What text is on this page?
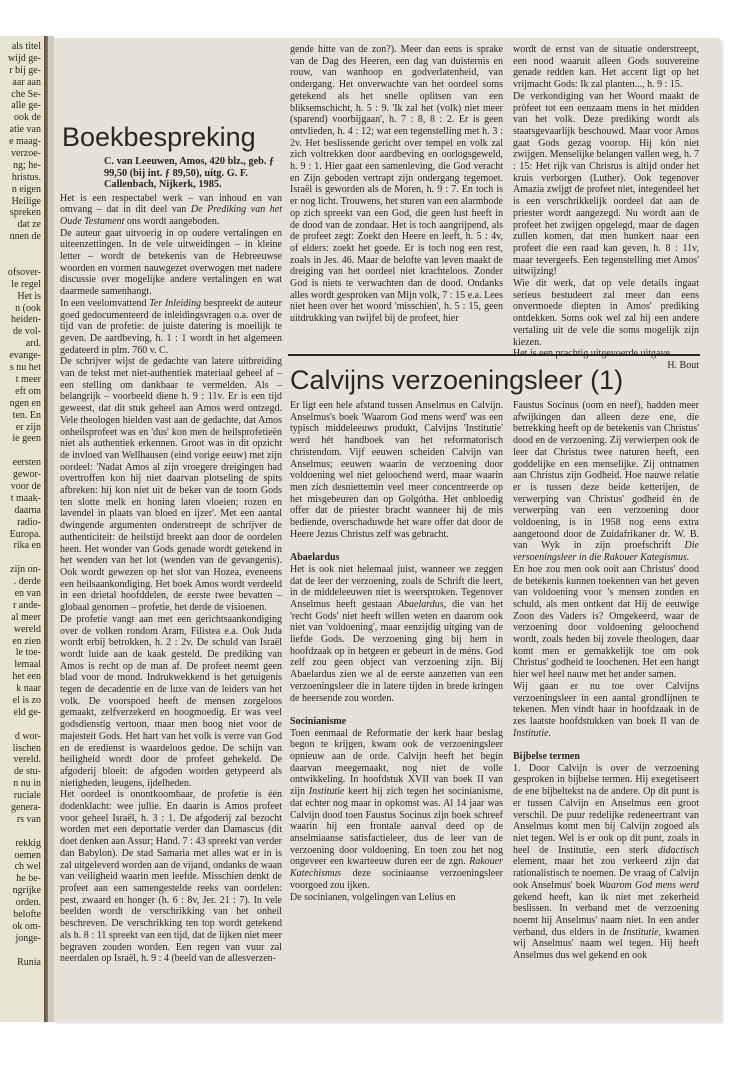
als titel
wijd ge-
r bij ge-
aar aan
che Se-
alle ge-
ook de
atie van
e maag-
verzoe-
ng; he-
hristus.
n eigen
Heilige
spreken
dat ze
nnen de
ofsover-
le regel
Het is
n (ook
heiden-
de vol-
ard.
evange-
s nu het
t meer
eft om
ngen en
ten. En
er zijn
ie geen
eersten
gewor-
voor de
t maak-
daarna
radio-
Europa.
rika en
zijn on-
. derde
en van
r ande-
al meer
wereld
en zien
le toe-
lemaal
het een
k naar
el is zo
eld ge-
d wor-
lischen
vereld.
de stu-
n nu in
ruciale
genera-
rs van
rekkig
oemen
ch wel
he be-
ngrijke
orden.
belofte
ok om-
jonge-
Runia
Boekbespreking
C. van Leeuwen, Amos, 420 blz., geb. ƒ 99,50 (bij int. ƒ 89,50), uitg. G. F. Callenbach, Nijkerk, 1985.

Het is een respectabel werk – van inhoud en van omvang – dat in dit deel van De Prediking van het Oude Testament ons wordt aangeboden.

De auteur gaat uitvoerig in op oudere vertalingen en uiteenzettingen. In de vele uitweidingen – in kleine letter – wordt de betekenis van de Hebreeuwse woorden en vormen nauwgezet overwogen met nadere discussie over mogelijke andere vertalingen en wat daarmede samenhangt.

In een veelomvattend Ter Inleiding bespreekt de auteur goed gedocumenteerd de inleidingsvragen o.a. over de tijd van de profetie: de juiste datering is moeilijk te geven. De aardbeving, h. 1 : 1 wordt in het algemeen gedateerd in plm. 760 v. C.

De schrijver wijst de gedachte van latere uitbreiding van de tekst met niet-authentiek materiaal geheel af – een stelling om dankbaar te vermelden. Als – belangrijk – voorbeeld diene h. 9 : 11v. Er is een tijd geweest, dat dit stuk geheel aan Amos werd ontzegd. Vele theologen hielden vast aan de gedachte, dat Amos onheilsprofeet was en 'dus' kon men de heilsprofetieën niet als authentiek erkennen. Groot was in dit opzicht de invloed van Wellhausen (eind vorige eeuw) met zijn oordeel: 'Nadat Amos al zijn vroegere dreigingen had overtroffen kon hij niet daarvan plotseling de spits afbreken: hij kon niet uit de beker van de toorn Gods ten slotte melk en honing laten vloeien; rozen en lavendel in plaats van bloed en ijzer'. Met een aantal dwingende argumenten onderstreept de schrijver de authenticiteit: de heilstijd breekt aan door de oordelen heen. Het wonder van Gods genade wordt getekend in het wenden van het lot (wenden van de gevangenis). Ook wordt gewezen op het slot van Hozea, eveneens een heilsaankondiging. Het boek Amos wordt verdeeld in een drietal hoofddelen, de eerste twee bevatten – globaal genomen – profetie, het derde de visioenen.

De profetie vangt aan met een gerichtsaankondiging over de volken rondom Aram, Filistea e.a. Ook Juda wordt erbij betrokken, h. 2 : 2v. De schuld van Israël wordt luide aan de kaak gesteld. De prediking van Amos is recht op de man af. De profeet neemt geen blad voor de mond. Indrukwekkend is het getuigenis tegen de decadentie en de luxe van de leiders van het volk. De voorspoed heeft de mensen zorgeloos gemaakt, zelfverzekerd en hoogmoedig. Er was veel godsdienstig vertoon, maar men boog niet voor de majesteit Gods. Het hart van het volk is verre van God en de eredienst is waardeloos gedoe. De schijn van heiligheid wordt door de profeet gehekeld. De afgoderij bloeit: de afgoden worden getypeerd als nietigheden, leugens, ijdelheden.

Het oordeel is onontkoombaar, de profetie is één dodenklacht: wee jullie. En daarin is Amos profeet voor geheel Israël, h. 3 : 1. De afgoderij zal bezocht worden met een deportatie verder dan Damascus (dit doet denken aan Assur; Hand. 7 : 43 spreekt van verder dan Babylon). De stad Samaria met alles wat er in is zal uitgeleverd worden aan de vijand, ondanks de waan van veiligheid waarin men leefde. Misschien denkt de profeet aan een samengestelde reeks van oordelen: pest, zwaard en honger (h. 6 : 8v, Jer. 21 : 7). In vele beelden wordt de verschrikking van het onheil beschreven. De verschrikking ten top wordt getekend als h. 8 : 11 spreekt van een tijd, dat de lijken niet meer begraven zouden worden. Een regen van vuur zal neerdalen op Israël, h. 9 : 4 (beeld van de allesverzen-

gende hitte van de zon?). Meer dan eens is sprake van de Dag des Heeren, een dag van duisternis en rouw, van wanhoop en godverlatenheid, van ondergang. Het onverwachte van het oordeel soms getekend als het snelle oplitsen van een bliksemschicht, h. 5 : 9. 'Ik zal het (volk) niet meer (sparend) voorbijgaan', h. 7 : 8, 8 : 2. Er is geen ontvlieden, h. 4 : 12; wat een tegenstelling met h. 3 : 2v. Het beslissende gericht over tempel en volk zal zich voltrekken door aardbeving en oorlogsgeweld, h. 9 : 1. Hier gaat een samenleving, die God veracht en Zijn geboden vertrapt zijn ondergang tegemoet. Israël is geworden als de Moren, h. 9 : 7. En toch is er nog licht. Trouwens, het sturen van een alarmbode op zich spreekt van een God, die geen lust heeft in de dood van de zondaar. Het is toch aangrijpend, als de profeet zegt: Zoekt den Heere en leeft, h. 5 : 4v, of elders: zoekt het goede. Er is toch nog een rest, zoals in Jes. 46. Maar de belofte van leven maakt de dreiging van het oordeel niet krachteloos. Zonder God is niets te verwachten dan de dood. Ondanks alles wordt gesproken van Mijn volk, 7 : 15 e.a. Lees niet heen over het woord 'misschien', h. 5 : 15, geen uitdrukking van twijfel bij de profeet, hier

wordt de ernst van de situatie onderstreept, een nood waaruit alleen Gods souvereine genade redden kan. Het accent ligt op het vrijmacht Gods: Ik zal planten..., h. 9 : 15.

De verkondiging van het Woord maakt de pròfeet tot een eenzaam mens in het midden van het volk. Deze prediking wordt als staatsgevaarlijk beschouwd. Maar voor Amos gaat Gods gezag voorop. Hij kón niet zwijgen. Menselijke belangen vallen weg, h. 7 : 15: Het rijk van Christus is altijd onder het kruis verborgen (Luther). Ook tegenover Amazia zwijgt de profeet niet, integendeel het is een verschrikkelijk oordeel dat aan de priester wordt aangezegd. Nu wordt aan de profeet het zwijgen opgelegd, maar de dagen zullen komen, dat men hunkert naar een profeet die een raad kan geven, h. 8 : 11v, maar tevergeefs. Een tegenstelling met Amos' uitwijzing!

Wie dit werk, dat op vele details ingaat serieus bestudeert zal meer dan eens onvermoede diepten in Amos' prediking ontdekken. Soms ook wel zal hij een andere vertaling uit de vele die soms mogelijk zijn kiezen.

H. Bout
Calvijns verzoeningsleer (1)

Er ligt een hele afstand tussen Anselmus en Calvijn. Anselmus's boek 'Waarom God mens werd' was een typisch middeleeuws produkt, Calvijns 'Institutie' werd hét handboek van het reformatorisch christendom. Vijf eeuwen scheiden Calvijn van Anselmus; eeuwen waarin de verzoening door voldoening wel niet geloochend werd, maar waarin men zich desniettemin veel meer concentreerde op het misgebeuren dan op Golgótha. Het onbloedig offer dat de priester bracht wanneer hij de mis bediende, overschaduwde het ware offer dat door de Heere Jezus Christus zelf was gebracht.

Abaelardus

Het is ook niet helemaal juist, wanneer we zeggen dat de leer der verzoening, zoals de Schrift die leert, in de middeleeuwen niet is weersproken. Tegenover Anselmus heeft gestaan Abaelardus, die van het 'recht Gods' niet heeft willen weten en daarom ook niet van 'voldoening', maar eenzijdig uitging van de liefde Gods. De verzoening ging bij hem in hoofdzaak op in hetgeen er gebeurt in de méns. God zelf zou geen object van verzoening zijn. Bij Abaelardus zien we al de eerste aanzetten van een verzoeningsleer die in latere tijden in brede kringen de heersende zou worden.

Socinianisme

Toen eenmaal de Reformatie der kerk haar beslag begon te krijgen, kwam ook de verzoeningsleer opnieuw aan de orde. Calvijn heeft het begin daarvan meegemaakt, nog niet de volle ontwikkeling. In hoofdstuk XVII van boek II van zijn Institutie keert hij zich tegen het socinianisme, dat echter nog maar in opkomst was. Al 14 jaar was Calvijn dood toen Faustus Socinus zijn boek schreef waarin hij een frontale aanval deed op de anselmiaanse satisfactieleer, dus de leer van de verzoening door voldoening. En toen zou het nog ongeveer een kwarteeuw duren eer de zgn. Rakouer Katechismus deze sociniaanse verzoeningsleer voorgoed zou ijken.

De socinianen, volgelingen van Lelius en

Faustus Socinus (oom en neef), hadden meer afwijkingen dan alleen deze ene, die betrekking heeft op de betekenis van Christus' dood en de verzoening. Zij verwierpen ook de leer dat Christus twee naturen heeft, een goddelijke en een menselijke. Zij ontnamen aan Christus zijn Godheid. Hoe nauwe relatie er is tussen deze beide ketterijen, de verwerping van Christus' godheid èn de verwerping van een verzoening door voldoening, is in 1958 nog eens extra aangetoond door de Zuidafrikaner dr. W. B. van Wyk in zijn proefschrift Die versoeningsleer in die Rakouer Kategismus.

En hoe zou men ook ooit aan Christus' dood de betekenis kunnen toekennen van het geven van voldoening voor 's mensen zonden en schuld, als men ontkent dat Hij de eeuwige Zoon des Vaders is? Omgekeerd, waar de verzoening door voldoening geloochend wordt, zoals heden bij zovele theologen, daar komt men er gemakkelijk toe om ook Christus' godheid te loochenen. Het een hangt hier wel heel nauw met het ander samen.

Wij gaan er nu toe over Calvijns verzoeningsleer in een aantal grondlijnen te tekenen. Men vindt haar in hoofdzaak in de zes laatste hoofdstukken van boek II van de Institutie.

Bijbelse termen

1. Door Calvijn is over de verzoening gesproken in bijbelse termen. Hij exegetiseert de ene bijbeltekst na de andere. Op dit punt is er tussen Calvijn en Anselmus een groot verschil. De puur redelijke redeneertrant van Anselmus komt men bij Calvijn zogoed als niet tegen. Wel is er ook op dit punt, zoals in heel de Institutie, een sterk didactisch element, maar het zou verkeerd zijn dat rationalistisch te noemen. De vraag of Calvijn ook Anselmus' boek Waarom God mens werd gekend heeft, kan ik niet met zekerheid beslissen. In verband met de verzoening noemt hij Anselmus' naam niet. In een ander verband, dus elders in de Institutie, kwamen wij Anselmus' naam wel tegen. Hij heeft Anselmus dus wel gekend en ook
